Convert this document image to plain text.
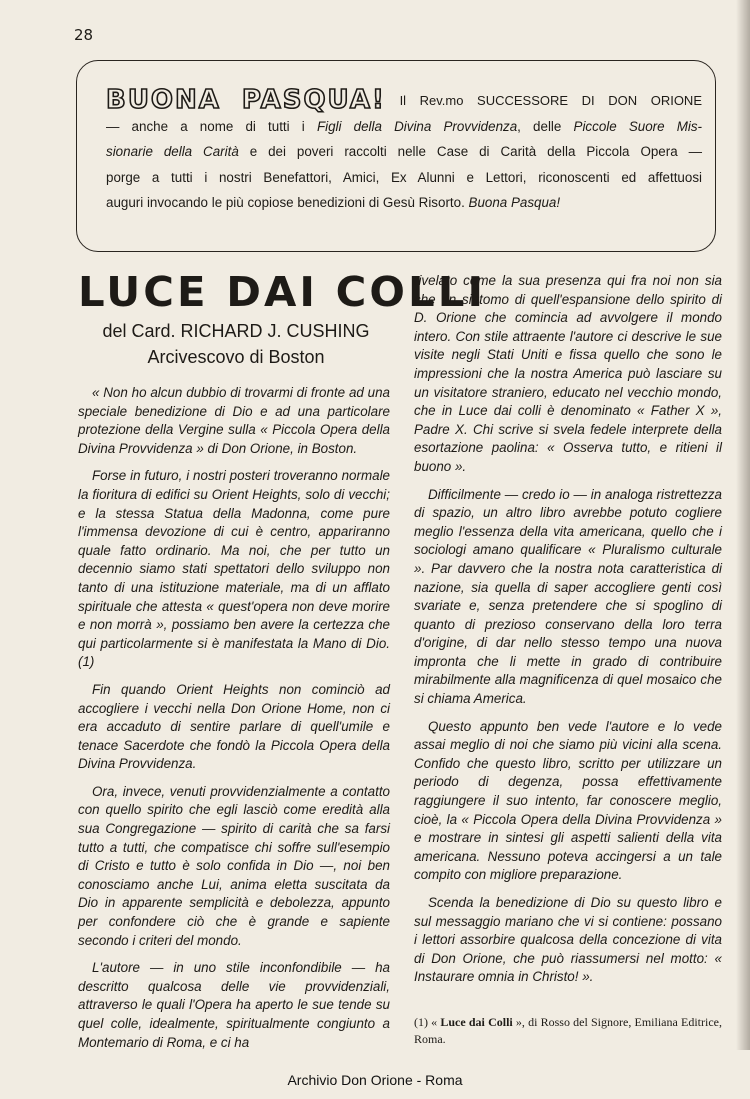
28
BUONA PASQUA! Il Rev.mo SUCCESSORE DI DON ORIONE
— anche a nome di tutti i Figli della Divina Provvidenza, delle Piccole Suore Mis-
sionarie della Carità e dei poveri raccolti nelle Case di Carità della Piccola Opera —
porge a tutti i nostri Benefattori, Amici, Ex Alunni e Lettori, riconoscenti ed affettuosi
auguri invocando le più copiose benedizioni di Gesù Risorto. Buona Pasqua!
LUCE DAI COLLI
del Card. RICHARD J. CUSHING
Arcivescovo di Boston

« Non ho alcun dubbio di trovarmi di fronte ad una speciale benedizione di Dio e ad una particolare protezione della Vergine sulla « Piccola Opera della Divina Provvidenza » di Don Orione, in Boston.

Forse in futuro, i nostri posteri troveranno normale la fioritura di edifici su Orient Heights, solo di vecchi; e la stessa Statua della Madonna, come pure l'immensa devozione di cui è centro, appariranno quale fatto ordinario. Ma noi, che per tutto un decennio siamo stati spettatori dello sviluppo non tanto di una istituzione materiale, ma di un afflato spirituale che attesta « quest'opera non deve morire e non morrà », possiamo ben avere la certezza che qui particolarmente si è manifestata la Mano di Dio. (1)

Fin quando Orient Heights non cominciò ad accogliere i vecchi nella Don Orione Home, non ci era accaduto di sentire parlare di quell'umile e tenace Sacerdote che fondò la Piccola Opera della Divina Provvidenza.

Ora, invece, venuti provvidenzialmente a contatto con quello spirito che egli lasciò come eredità alla sua Congregazione — spirito di carità che sa farsi tutto a tutti, che compatisce chi soffre sull'esempio di Cristo e tutto è solo confida in Dio —, noi ben conosciamo anche Lui, anima eletta suscitata da Dio in apparente semplicità e debolezza, appunto per confondere ciò che è grande e sapiente secondo i criteri del mondo.

L'autore — in uno stile inconfondibile — ha descritto qualcosa delle vie provvidenziali, attraverso le quali l'Opera ha aperto le sue tende su quel colle, idealmente, spiritualmente congiunto a Montemario di Roma, e ci ha

rivelato come la sua presenza qui fra noi non sia che un sintomo di quell'espansione dello spirito di D. Orione che comincia ad avvolgere il mondo intero. Con stile attraente l'autore ci descrive le sue visite negli Stati Uniti e fissa quello che sono le impressioni che la nostra America può lasciare su un visitatore straniero, educato nel vecchio mondo, che in Luce dai colli è denominato « Father X », Padre X. Chi scrive si svela fedele interprete della esortazione paolina: « Osserva tutto, e ritieni il buono ».

Difficilmente — credo io — in analoga ristrettezza di spazio, un altro libro avrebbe potuto cogliere meglio l'essenza della vita americana, quello che i sociologi amano qualificare « Pluralismo culturale ». Par davvero che la nostra nota caratteristica di nazione, sia quella di saper accogliere genti così svariate e, senza pretendere che si spoglino di quanto di prezioso conservano della loro terra d'origine, di dar nello stesso tempo una nuova impronta che li mette in grado di contribuire mirabilmente alla magnificenza di quel mosaico che si chiama America.

Questo appunto ben vede l'autore e lo vede assai meglio di noi che siamo più vicini alla scena. Confido che questo libro, scritto per utilizzare un periodo di degenza, possa effettivamente raggiungere il suo intento, far conoscere meglio, cioè, la « Piccola Opera della Divina Provvidenza » e mostrare in sintesi gli aspetti salienti della vita americana. Nessuno poteva accingersi a un tale compito con migliore preparazione.

Scenda la benedizione di Dio su questo libro e sul messaggio mariano che vi si contiene: possano i lettori assorbire qualcosa della concezione di vita di Don Orione, che può riassumersi nel motto: « Instaurare omnia in Christo! ».

(1) « Luce dai Colli », di Rosso del Signore, Emiliana Editrice, Roma.
Archivio Don Orione - Roma
